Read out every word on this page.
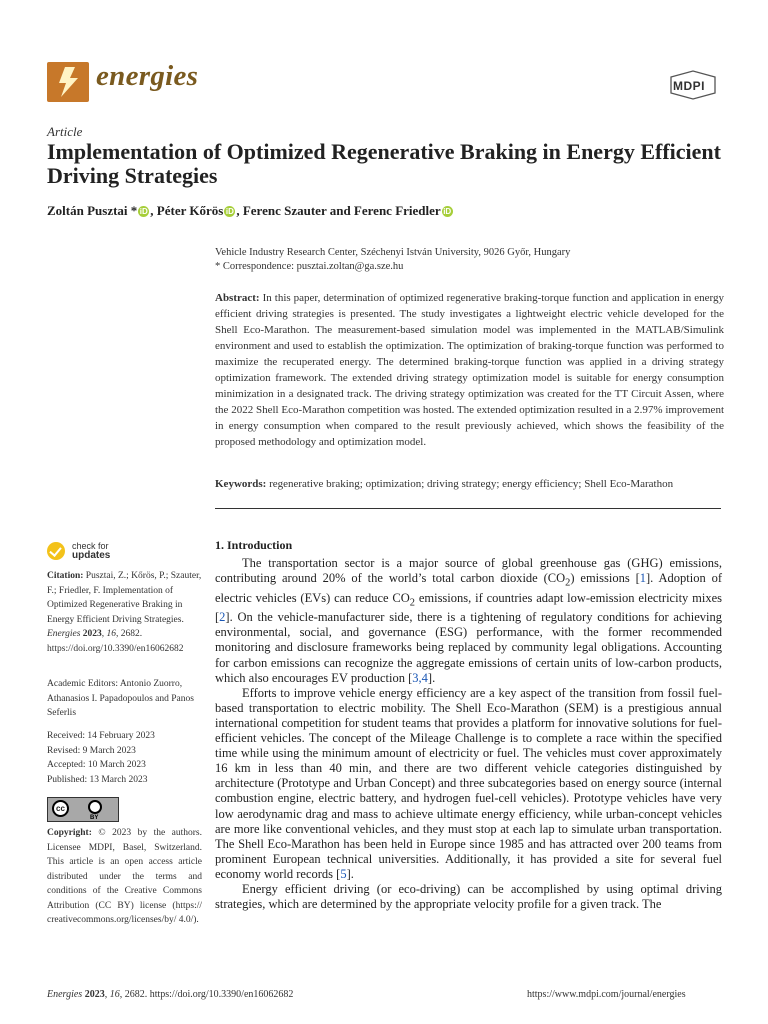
energies	MDPI
Article
Implementation of Optimized Regenerative Braking in Energy Efficient Driving Strategies
Zoltán Pusztai * iD , Péter Kőrös iD , Ferenc Szauter and Ferenc Friedler iD
Vehicle Industry Research Center, Széchenyi István University, 9026 Győr, Hungary
* Correspondence: pusztai.zoltan@ga.sze.hu
Abstract: In this paper, determination of optimized regenerative braking-torque function and application in energy efficient driving strategies is presented. The study investigates a lightweight electric vehicle developed for the Shell Eco-Marathon. The measurement-based simulation model was implemented in the MATLAB/Simulink environment and used to establish the optimization. The optimization of braking-torque function was performed to maximize the recuperated energy. The determined braking-torque function was applied in a driving strategy optimization framework. The extended driving strategy optimization model is suitable for energy consumption minimization in a designated track. The driving strategy optimization was created for the TT Circuit Assen, where the 2022 Shell Eco-Marathon competition was hosted. The extended optimization resulted in a 2.97% improvement in energy consumption when compared to the result previously achieved, which shows the feasibility of the proposed methodology and optimization model.
Keywords: regenerative braking; optimization; driving strategy; energy efficiency; Shell Eco-Marathon
check for
updates
Citation: Pusztai, Z.; Kőrös, P.; Szauter, F.; Friedler, F. Implementation of Optimized Regenerative Braking in Energy Efficient Driving Strategies. Energies 2023, 16, 2682. https://doi.org/10.3390/en16062682
Academic Editors: Antonio Zuorro, Athanasios I. Papadopoulos and Panos Seferlis
Received: 14 February 2023
Revised: 9 March 2023
Accepted: 10 March 2023
Published: 13 March 2023
cc
BY
Copyright: © 2023 by the authors. Licensee MDPI, Basel, Switzerland. This article is an open access article distributed under the terms and conditions of the Creative Commons Attribution (CC BY) license (https:// creativecommons.org/licenses/by/ 4.0/).
1. Introduction

The transportation sector is a major source of global greenhouse gas (GHG) emissions, contributing around 20% of the world’s total carbon dioxide $(CO_2)$ emissions [1]. Adoption of electric vehicles (EVs) can reduce $CO_2$ emissions, if countries adapt low-emission electricity mixes [2]. On the vehicle-manufacturer side, there is a tightening of regulatory conditions for achieving environmental, social, and governance (ESG) performance, with the former recommended monitoring and disclosure frameworks being replaced by community legal obligations. Accounting for carbon emissions can recognize the aggregate emissions of certain units of low-carbon products, which also encourages EV production [3,4].

Efforts to improve vehicle energy efficiency are a key aspect of the transition from fossil fuel-based transportation to electric mobility. The Shell Eco-Marathon (SEM) is a prestigious annual international competition for student teams that provides a platform for innovative solutions for fuel-efficient vehicles. The concept of the Mileage Challenge is to complete a race within the specified time while using the minimum amount of electricity or fuel. The vehicles must cover approximately 16 km in less than 40 min, and there are two different vehicle categories distinguished by architecture (Prototype and Urban Concept) and three subcategories based on energy source (internal combustion engine, electric battery, and hydrogen fuel-cell vehicles). Prototype vehicles have very low aerodynamic drag and mass to achieve ultimate energy efficiency, while urban-concept vehicles are more like conventional vehicles, and they must stop at each lap to simulate urban transportation. The Shell Eco-Marathon has been held in Europe since 1985 and has attracted over 200 teams from prominent European technical universities. Additionally, it has provided a site for several fuel economy world records [5].

Energy efficient driving (or eco-driving) can be accomplished by using optimal driving strategies, which are determined by the appropriate velocity profile for a given track. The

Energies 2023, 16, 2682. https://doi.org/10.3390/en16062682	https://www.mdpi.com/journal/energies
